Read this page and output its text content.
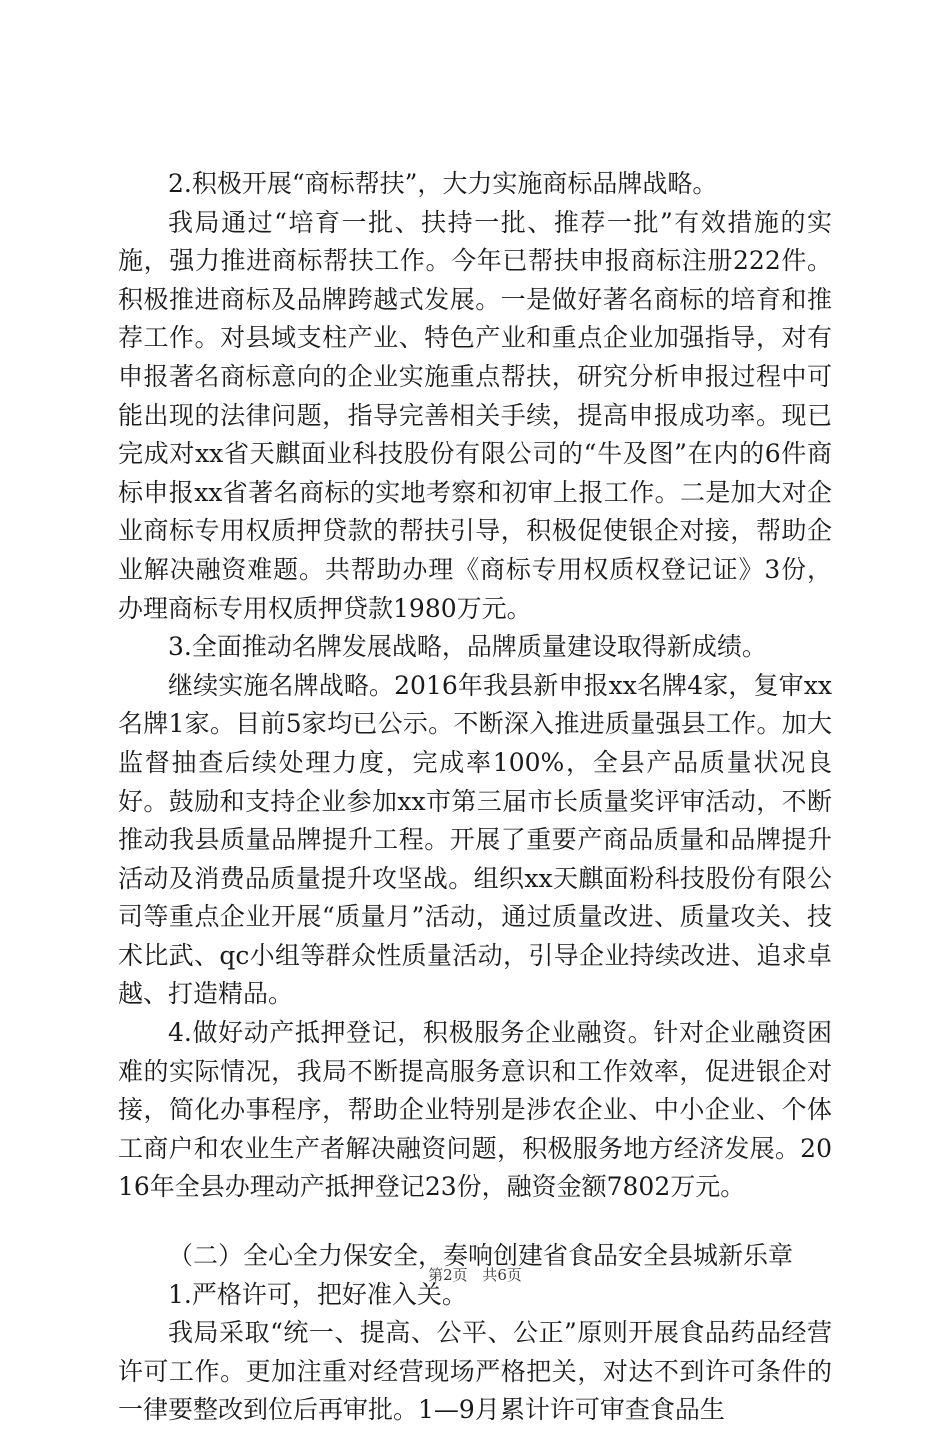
2.积极开展“商标帮扶”，大力实施商标品牌战略。

我局通过“培育一批、扶持一批、推荐一批”有效措施的实施，强力推进商标帮扶工作。今年已帮扶申报商标注册222件。积极推进商标及品牌跨越式发展。一是做好著名商标的培育和推荐工作。对县域支柱产业、特色产业和重点企业加强指导，对有申报著名商标意向的企业实施重点帮扶，研究分析申报过程中可能出现的法律问题，指导完善相关手续，提高申报成功率。现已完成对xx省天麒面业科技股份有限公司的“牛及图”在内的6件商标申报xx省著名商标的实地考察和初审上报工作。二是加大对企业商标专用权质押贷款的帮扶引导，积极促使银企对接，帮助企业解决融资难题。共帮助办理《商标专用权质权登记证》3份，办理商标专用权质押贷款1980万元。

3.全面推动名牌发展战略，品牌质量建设取得新成绩。

继续实施名牌战略。2016年我县新申报xx名牌4家，复审xx名牌1家。目前5家均已公示。不断深入推进质量强县工作。加大监督抽查后续处理力度，完成率100%，全县产品质量状况良好。鼓励和支持企业参加xx市第三届市长质量奖评审活动，不断推动我县质量品牌提升工程。开展了重要产商品质量和品牌提升活动及消费品质量提升攻坚战。组织xx天麒面粉科技股份有限公司等重点企业开展“质量月”活动，通过质量改进、质量攻关、技术比武、qc小组等群众性质量活动，引导企业持续改进、追求卓越、打造精品。

4.做好动产抵押登记，积极服务企业融资。针对企业融资困难的实际情况，我局不断提高服务意识和工作效率，促进银企对接，简化办事程序，帮助企业特别是涉农企业、中小企业、个体工商户和农业生产者解决融资问题，积极服务地方经济发展。2016年全县办理动产抵押登记23份，融资金额7802万元。

（二）全心全力保安全，奏响创建省食品安全县城新乐章

1.严格许可，把好准入关。

我局采取“统一、提高、公平、公正”原则开展食品药品经营许可工作。更加注重对经营现场严格把关，对达不到许可条件的一律要整改到位后再审批。1—9月累计许可审查食品生

第2页 共6页
